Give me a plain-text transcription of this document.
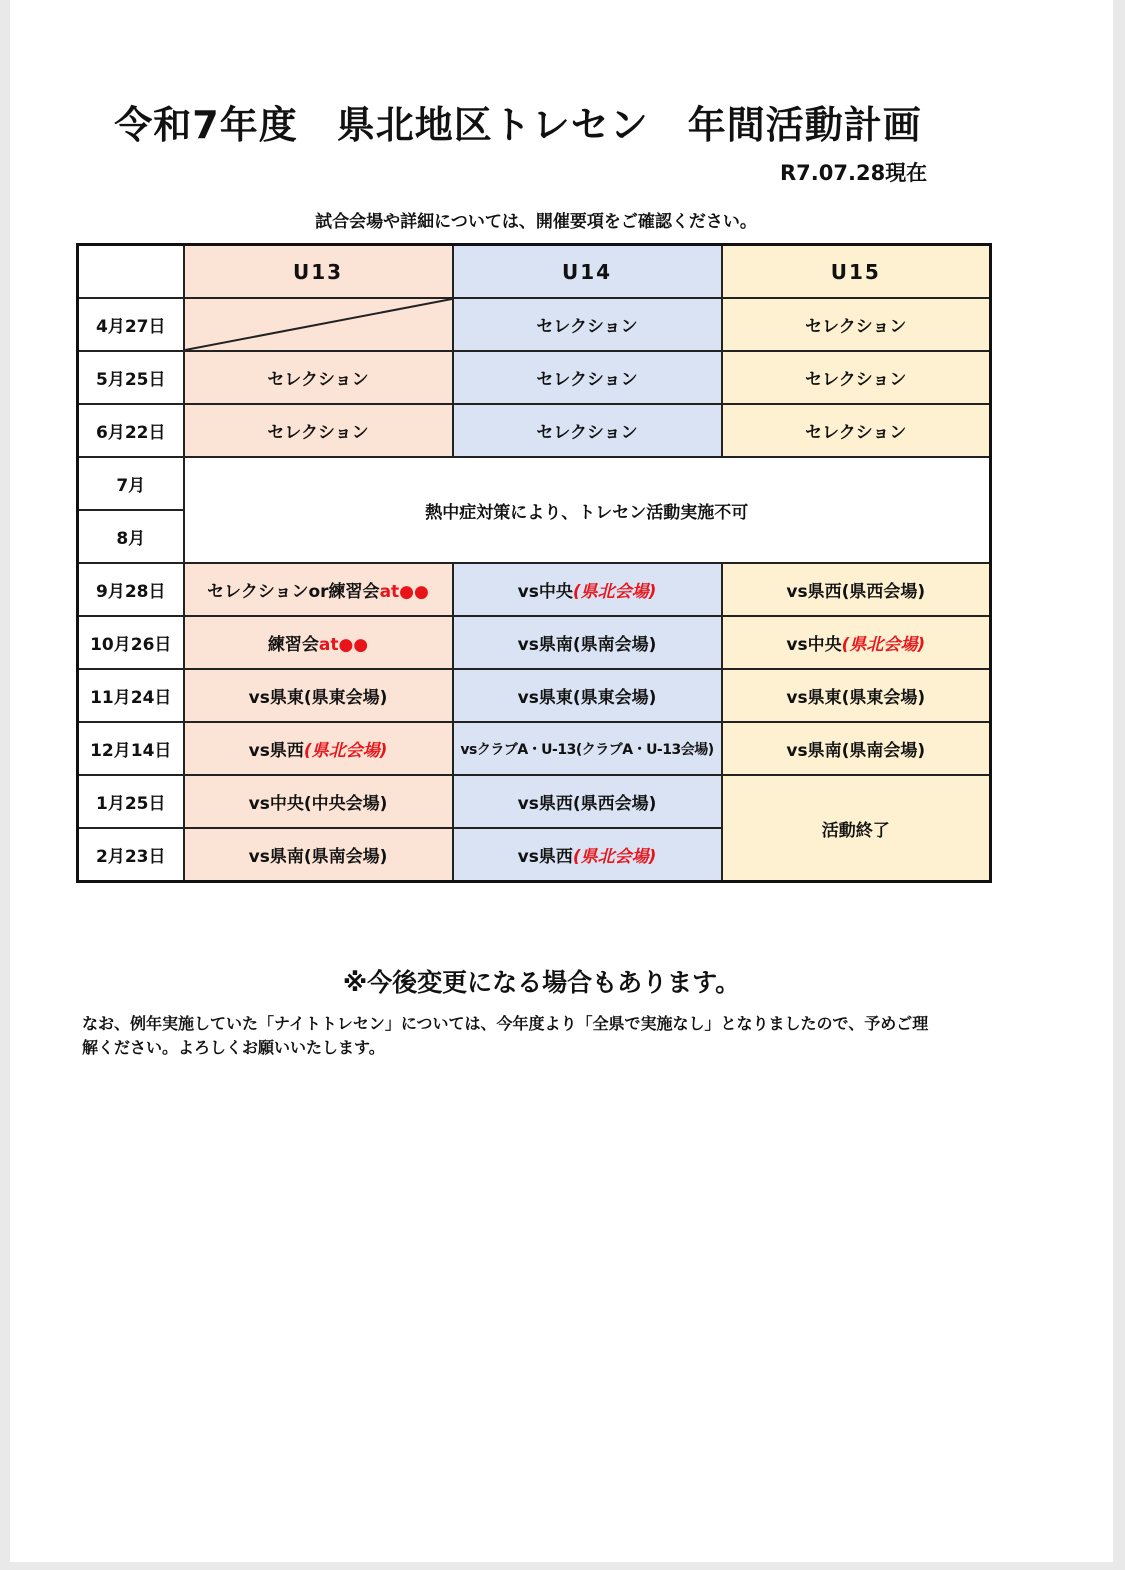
令和7年度　県北地区トレセン　年間活動計画
R7.07.28現在
試合会場や詳細については、開催要項をご確認ください。
	U13	U14	U15
4月27日		セレクション	セレクション
5月25日	セレクション	セレクション	セレクション
6月22日	セレクション	セレクション	セレクション
7月	熱中症対策により、トレセン活動実施不可		
8月			
9月28日	セレクションor練習会at●●	vs中央(県北会場)	vs県西(県西会場)
10月26日	練習会at●●	vs県南(県南会場)	vs中央(県北会場)
11月24日	vs県東(県東会場)	vs県東(県東会場)	vs県東(県東会場)
12月14日	vs県西(県北会場)	vsクラブA・U-13(クラブA・U-13会場)	vs県南(県南会場)
1月25日	vs中央(中央会場)	vs県西(県西会場)	活動終了
2月23日	vs県南(県南会場)	vs県西(県北会場)	
※今後変更になる場合もあります。
なお、例年実施していた「ナイトトレセン」については、今年度より「全県で実施なし」となりましたので、予めご理
解ください。よろしくお願いいたします。
